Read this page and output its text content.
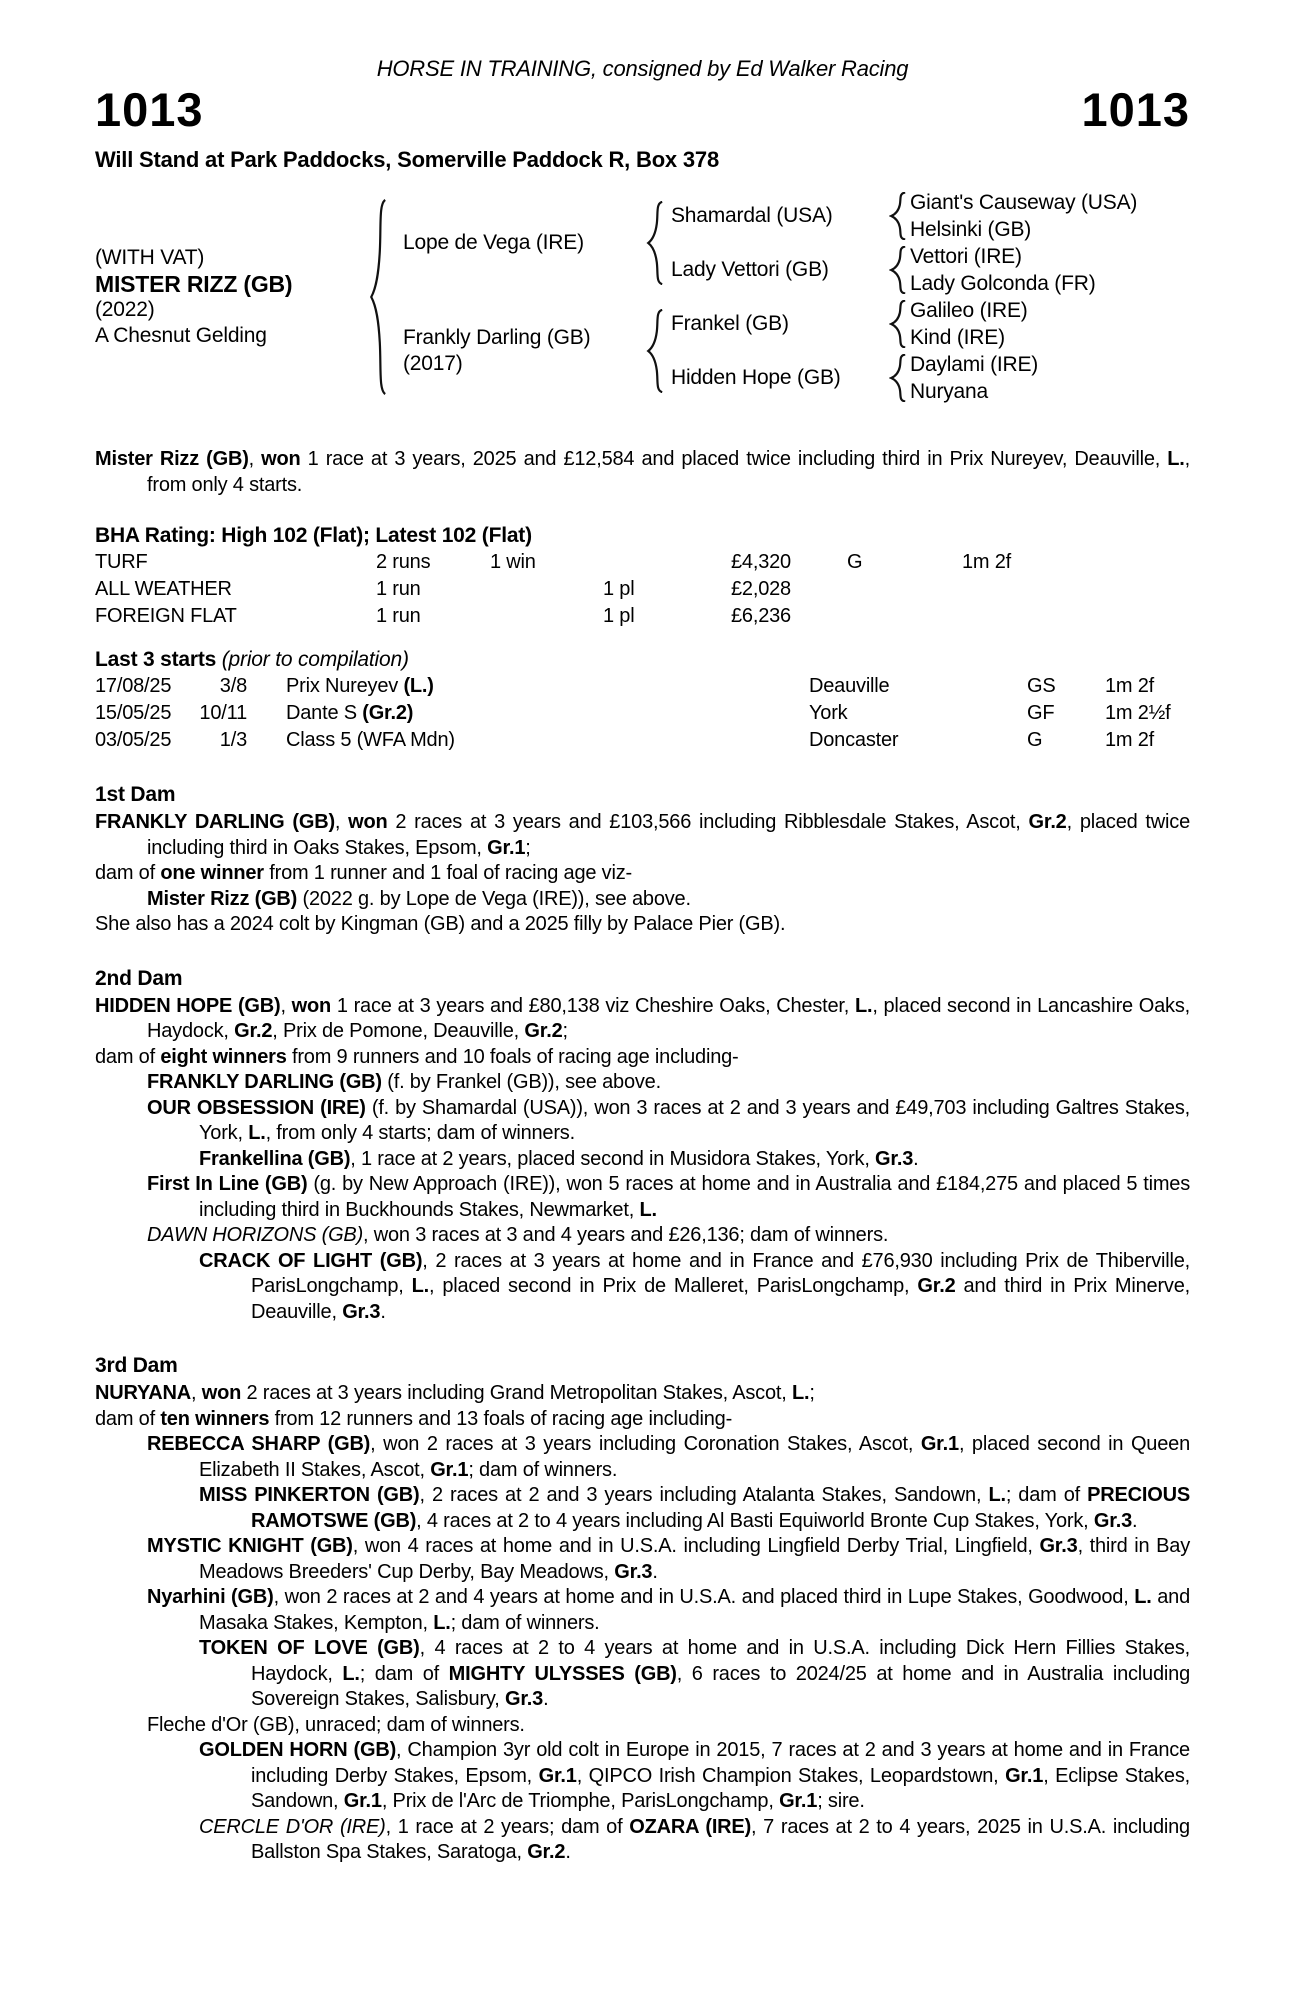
HORSE IN TRAINING, consigned by Ed Walker Racing
1013	1013
Will Stand at Park Paddocks, Somerville Paddock R, Box 378
(WITH VAT)
MISTER RIZZ (GB)
(2022)
A Chesnut Gelding
Lope de Vega (IRE)
Frankly Darling (GB)
(2017)
Shamardal (USA)
Lady Vettori (GB)
Frankel (GB)
Hidden Hope (GB)
Giant's Causeway (USA)
Helsinki (GB)
Vettori (IRE)
Lady Golconda (FR)
Galileo (IRE)
Kind (IRE)
Daylami (IRE)
Nuryana

Mister Rizz (GB), won 1 race at 3 years, 2025 and £12,584 and placed twice including third in Prix Nureyev, Deauville, L., from only 4 starts.

BHA Rating: High 102 (Flat); Latest 102 (Flat)
TURF	2 runs	1 win	£4,320	G	1m 2f
ALL WEATHER	1 run	1 pl	£2,028
FOREIGN FLAT	1 run	1 pl	£6,236
Last 3 starts (prior to compilation)
17/08/25	3/8	Prix Nureyev (L.)	Deauville	GS	1m 2f
15/05/25	10/11	Dante S (Gr.2)	York	GF	1m 2½f
03/05/25	1/3	Class 5 (WFA Mdn)	Doncaster	G	1m 2f
1st Dam

FRANKLY DARLING (GB), won 2 races at 3 years and £103,566 including Ribblesdale Stakes, Ascot, Gr.2, placed twice including third in Oaks Stakes, Epsom, Gr.1;

dam of one winner from 1 runner and 1 foal of racing age viz-

Mister Rizz (GB) (2022 g. by Lope de Vega (IRE)), see above.

She also has a 2024 colt by Kingman (GB) and a 2025 filly by Palace Pier (GB).

2nd Dam

HIDDEN HOPE (GB), won 1 race at 3 years and £80,138 viz Cheshire Oaks, Chester, L., placed second in Lancashire Oaks, Haydock, Gr.2, Prix de Pomone, Deauville, Gr.2;

dam of eight winners from 9 runners and 10 foals of racing age including-

FRANKLY DARLING (GB) (f. by Frankel (GB)), see above.

OUR OBSESSION (IRE) (f. by Shamardal (USA)), won 3 races at 2 and 3 years and £49,703 including Galtres Stakes, York, L., from only 4 starts; dam of winners.

Frankellina (GB), 1 race at 2 years, placed second in Musidora Stakes, York, Gr.3.

First In Line (GB) (g. by New Approach (IRE)), won 5 races at home and in Australia and £184,275 and placed 5 times including third in Buckhounds Stakes, Newmarket, L.

DAWN HORIZONS (GB), won 3 races at 3 and 4 years and £26,136; dam of winners.

CRACK OF LIGHT (GB), 2 races at 3 years at home and in France and £76,930 including Prix de Thiberville, ParisLongchamp, L., placed second in Prix de Malleret, ParisLongchamp, Gr.2 and third in Prix Minerve, Deauville, Gr.3.

3rd Dam

NURYANA, won 2 races at 3 years including Grand Metropolitan Stakes, Ascot, L.;

dam of ten winners from 12 runners and 13 foals of racing age including-

REBECCA SHARP (GB), won 2 races at 3 years including Coronation Stakes, Ascot, Gr.1, placed second in Queen Elizabeth II Stakes, Ascot, Gr.1; dam of winners.

MISS PINKERTON (GB), 2 races at 2 and 3 years including Atalanta Stakes, Sandown, L.; dam of PRECIOUS RAMOTSWE (GB), 4 races at 2 to 4 years including Al Basti Equiworld Bronte Cup Stakes, York, Gr.3.

MYSTIC KNIGHT (GB), won 4 races at home and in U.S.A. including Lingfield Derby Trial, Lingfield, Gr.3, third in Bay Meadows Breeders' Cup Derby, Bay Meadows, Gr.3.

Nyarhini (GB), won 2 races at 2 and 4 years at home and in U.S.A. and placed third in Lupe Stakes, Goodwood, L. and Masaka Stakes, Kempton, L.; dam of winners.

TOKEN OF LOVE (GB), 4 races at 2 to 4 years at home and in U.S.A. including Dick Hern Fillies Stakes, Haydock, L.; dam of MIGHTY ULYSSES (GB), 6 races to 2024/25 at home and in Australia including Sovereign Stakes, Salisbury, Gr.3.

Fleche d'Or (GB), unraced; dam of winners.

GOLDEN HORN (GB), Champion 3yr old colt in Europe in 2015, 7 races at 2 and 3 years at home and in France including Derby Stakes, Epsom, Gr.1, QIPCO Irish Champion Stakes, Leopardstown, Gr.1, Eclipse Stakes, Sandown, Gr.1, Prix de l'Arc de Triomphe, ParisLongchamp, Gr.1; sire.

CERCLE D'OR (IRE), 1 race at 2 years; dam of OZARA (IRE), 7 races at 2 to 4 years, 2025 in U.S.A. including Ballston Spa Stakes, Saratoga, Gr.2.
